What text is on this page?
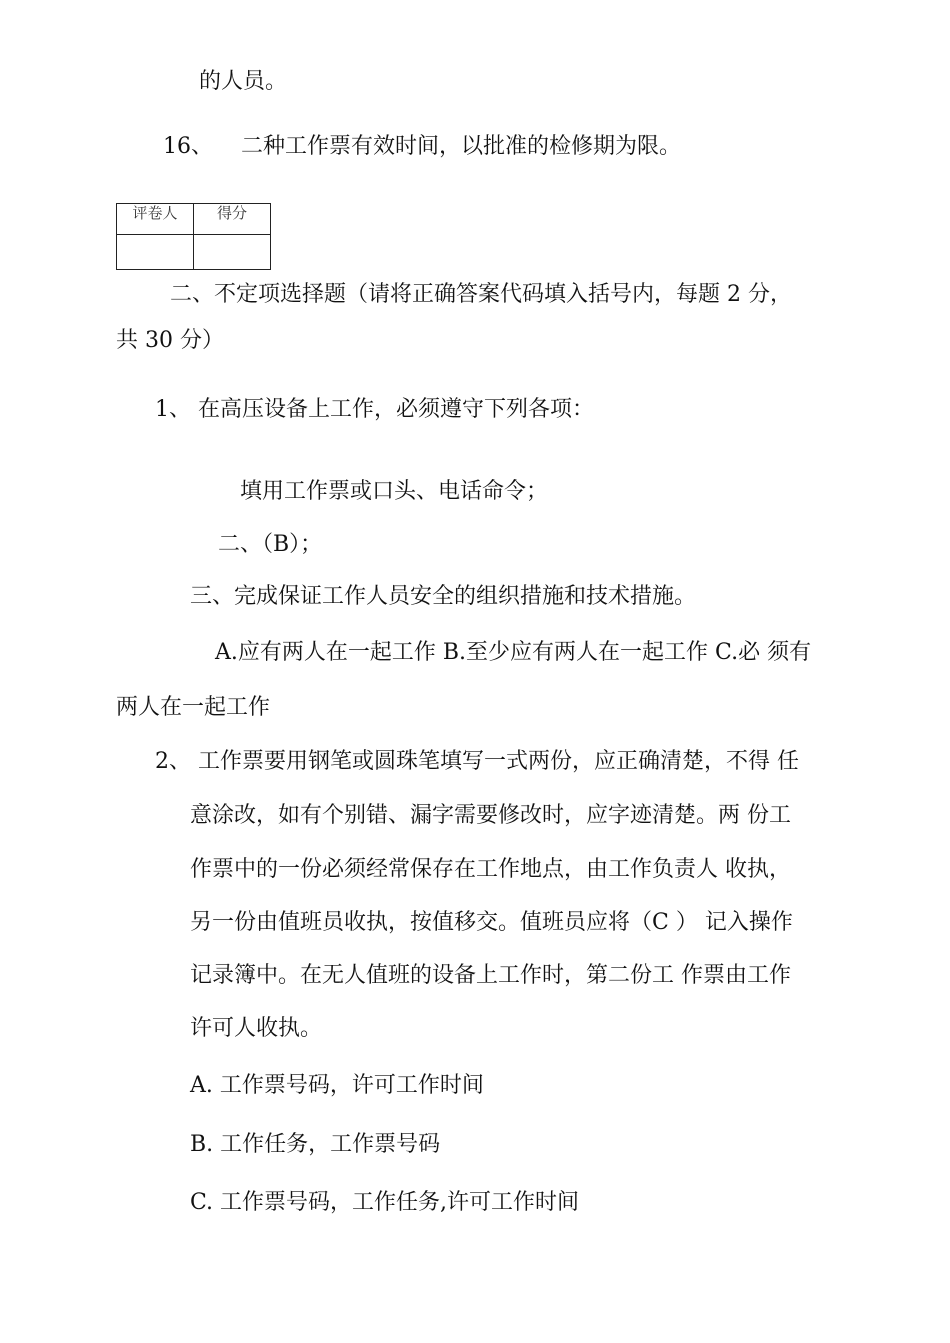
的人员。
16、 二种工作票有效时间，以批准的检修期为限。
评卷人	得分

二、不定项选择题（请将正确答案代码填入括号内，每题 2 分，
共 30 分）
1、 在高压设备上工作，必须遵守下列各项：
填用工作票或口头、电话命令；
二、（B）；
三、完成保证工作人员安全的组织措施和技术措施。
A.应有两人在一起工作 B.至少应有两人在一起工作 C.必 须有
两人在一起工作
2、 工作票要用钢笔或圆珠笔填写一式两份，应正确清楚，不得 任
意涂改，如有个别错、漏字需要修改时，应字迹清楚。两 份工
作票中的一份必须经常保存在工作地点，由工作负责人 收执，
另一份由值班员收执，按值移交。值班员应将（C ） 记入操作
记录簿中。在无人值班的设备上工作时，第二份工 作票由工作
许可人收执。
A. 工作票号码，许可工作时间
B. 工作任务，工作票号码
C. 工作票号码，工作任务,许可工作时间
